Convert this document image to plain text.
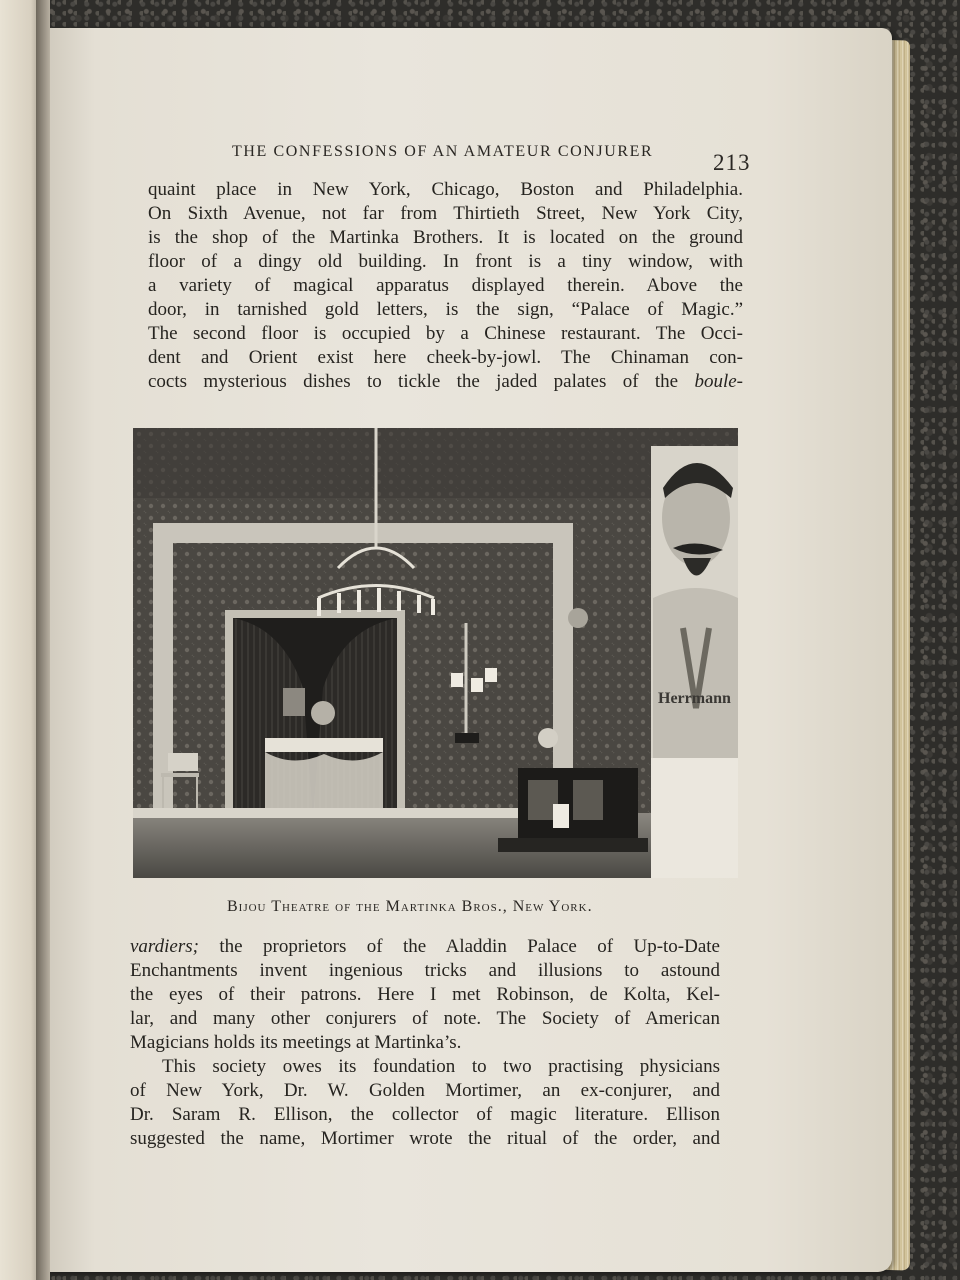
THE CONFESSIONS OF AN AMATEUR CONJURER	213
quaint place in New York, Chicago, Boston and Philadelphia.
On Sixth Avenue, not far from Thirtieth Street, New York City,
is the shop of the Martinka Brothers. It is located on the ground
floor of a dingy old building. In front is a tiny window, with
a variety of magical apparatus displayed therein. Above the
door, in tarnished gold letters, is the sign, “Palace of Magic.”
The second floor is occupied by a Chinese restaurant. The Occi-
dent and Orient exist here cheek-by-jowl. The Chinaman con-
cocts mysterious dishes to tickle the jaded palates of the boule-
Herrmann
Bijou Theatre of the Martinka Bros., New York.
vardiers; the proprietors of the Aladdin Palace of Up-to-Date
Enchantments invent ingenious tricks and illusions to astound
the eyes of their patrons. Here I met Robinson, de Kolta, Kel-
lar, and many other conjurers of note. The Society of American
Magicians holds its meetings at Martinka’s.
This society owes its foundation to two practising physicians
of New York, Dr. W. Golden Mortimer, an ex-conjurer, and
Dr. Saram R. Ellison, the collector of magic literature. Ellison
suggested the name, Mortimer wrote the ritual of the order, and
